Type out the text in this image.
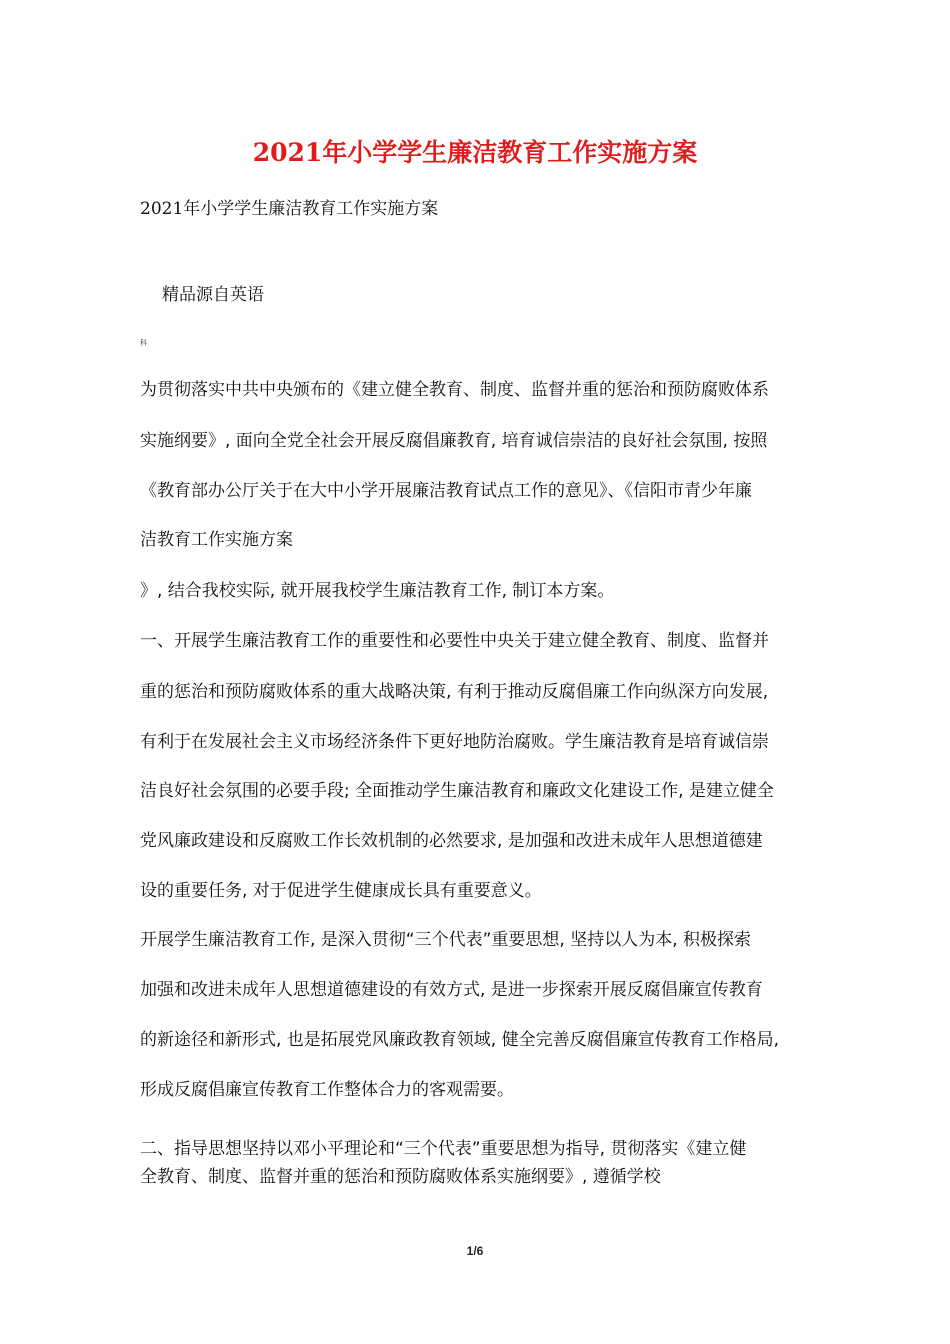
2021年小学学生廉洁教育工作实施方案

2021年小学学生廉洁教育工作实施方案

精品源自英语

科

为贯彻落实中共中央颁布的《建立健全教育、制度、监督并重的惩治和预防腐败体系

实施纲要》, 面向全党全社会开展反腐倡廉教育, 培育诚信崇洁的良好社会氛围, 按照

《教育部办公厅关于在大中小学开展廉洁教育试点工作的意见》、《信阳市青少年廉

洁教育工作实施方案

》, 结合我校实际, 就开展我校学生廉洁教育工作, 制订本方案。

一、开展学生廉洁教育工作的重要性和必要性中央关于建立健全教育、制度、监督并

重的惩治和预防腐败体系的重大战略决策, 有利于推动反腐倡廉工作向纵深方向发展,

有利于在发展社会主义市场经济条件下更好地防治腐败。学生廉洁教育是培育诚信崇

洁良好社会氛围的必要手段; 全面推动学生廉洁教育和廉政文化建设工作, 是建立健全

党风廉政建设和反腐败工作长效机制的必然要求, 是加强和改进未成年人思想道德建

设的重要任务, 对于促进学生健康成长具有重要意义。

开展学生廉洁教育工作, 是深入贯彻“三个代表”重要思想, 坚持以人为本, 积极探索

加强和改进未成年人思想道德建设的有效方式, 是进一步探索开展反腐倡廉宣传教育

的新途径和新形式, 也是拓展党风廉政教育领域, 健全完善反腐倡廉宣传教育工作格局,

形成反腐倡廉宣传教育工作整体合力的客观需要。

二、指导思想坚持以邓小平理论和“三个代表”重要思想为指导, 贯彻落实《建立健

全教育、制度、监督并重的惩治和预防腐败体系实施纲要》, 遵循学校

1/6
